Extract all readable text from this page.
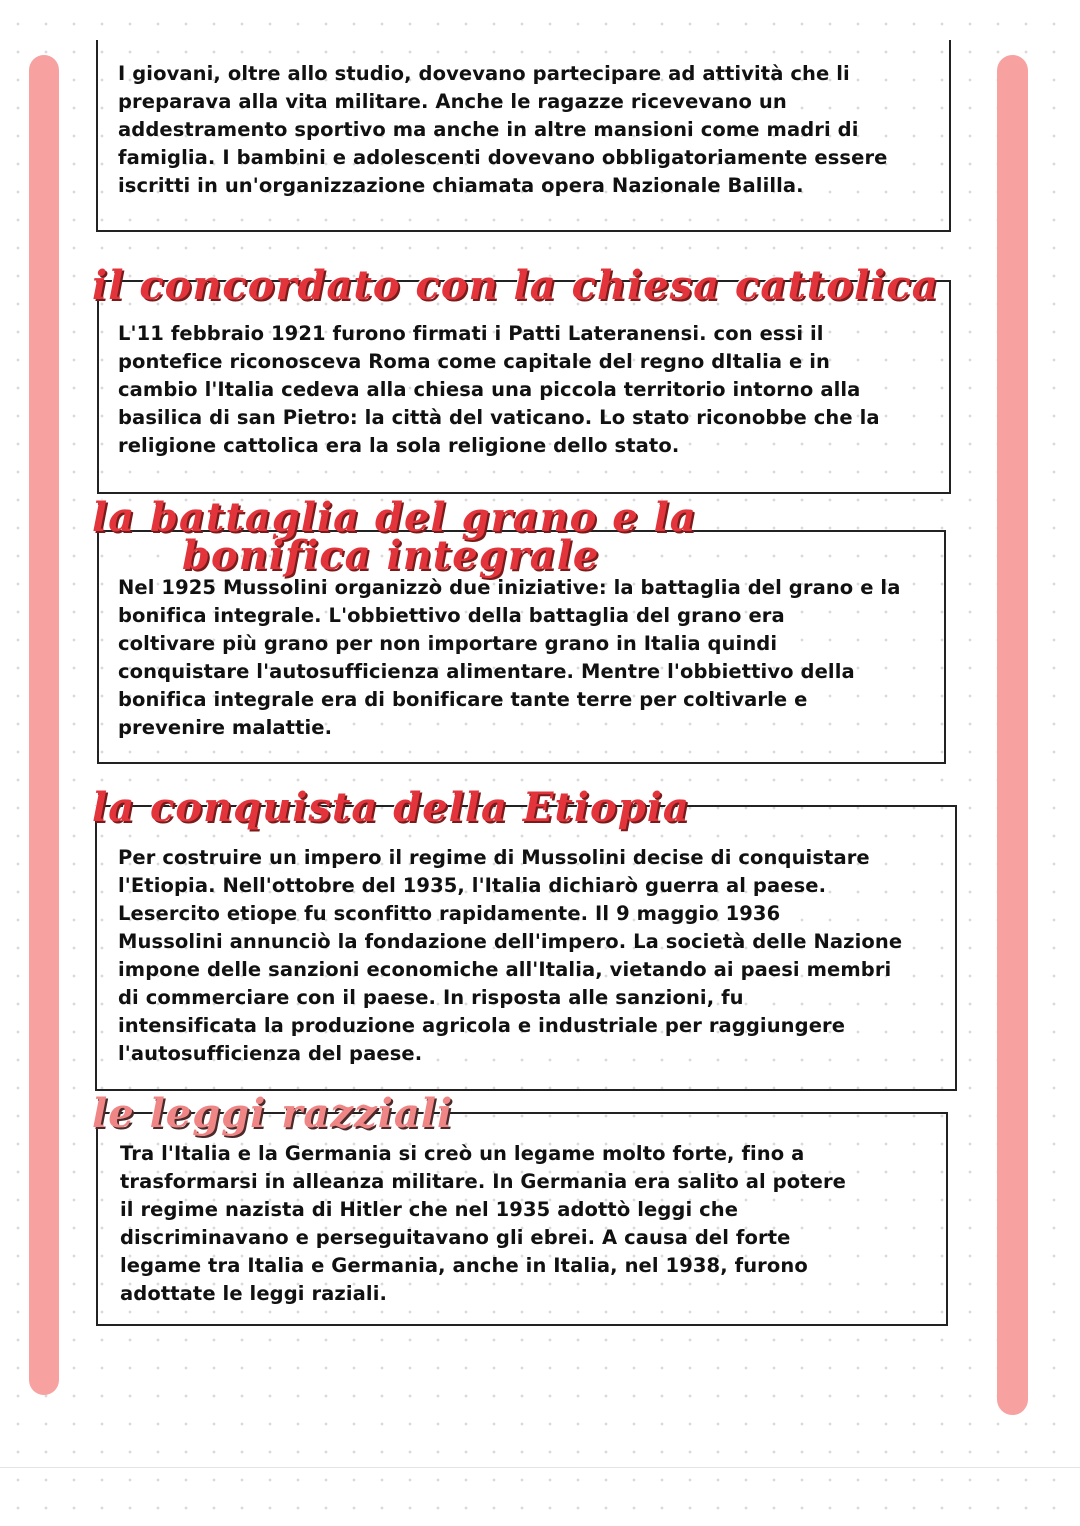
I giovani, oltre allo studio, dovevano partecipare ad attività che li
preparava alla vita militare. Anche le ragazze ricevevano un
addestramento sportivo ma anche in altre mansioni come madri di
famiglia. I bambini e adolescenti dovevano obbligatoriamente essere
iscritti in un'organizzazione chiamata opera Nazionale Balilla.
il concordato con la chiesa cattolica
L'11 febbraio 1921 furono firmati i Patti Lateranensi. con essi il
pontefice riconosceva Roma come capitale del regno dItalia e in
cambio l'Italia cedeva alla chiesa una piccola territorio intorno alla
basilica di san Pietro: la città del vaticano. Lo stato riconobbe che la
religione cattolica era la sola religione dello stato.
la battaglia del grano e la
bonifica integrale
Nel 1925 Mussolini organizzò due iniziative: la battaglia del grano e la
bonifica integrale. L'obbiettivo della battaglia del grano era
coltivare più grano per non importare grano in Italia quindi
conquistare l'autosufficienza alimentare. Mentre l'obbiettivo della
bonifica integrale era di bonificare tante terre per coltivarle e
prevenire malattie.
la conquista della Etiopia
Per costruire un impero il regime di Mussolini decise di conquistare
l'Etiopia. Nell'ottobre del 1935, l'Italia dichiarò guerra al paese.
Lesercito etiope fu sconfitto rapidamente. Il 9 maggio 1936
Mussolini annunciò la fondazione dell'impero. La società delle Nazione
impone delle sanzioni economiche all'Italia, vietando ai paesi membri
di commerciare con il paese. In risposta alle sanzioni, fu
intensificata la produzione agricola e industriale per raggiungere
l'autosufficienza del paese.
le leggi razziali
Tra l'Italia e la Germania si creò un legame molto forte, fino a
trasformarsi in alleanza militare. In Germania era salito al potere
il regime nazista di Hitler che nel 1935 adottò leggi che
discriminavano e perseguitavano gli ebrei. A causa del forte
legame tra Italia e Germania, anche in Italia, nel 1938, furono
adottate le leggi raziali.
